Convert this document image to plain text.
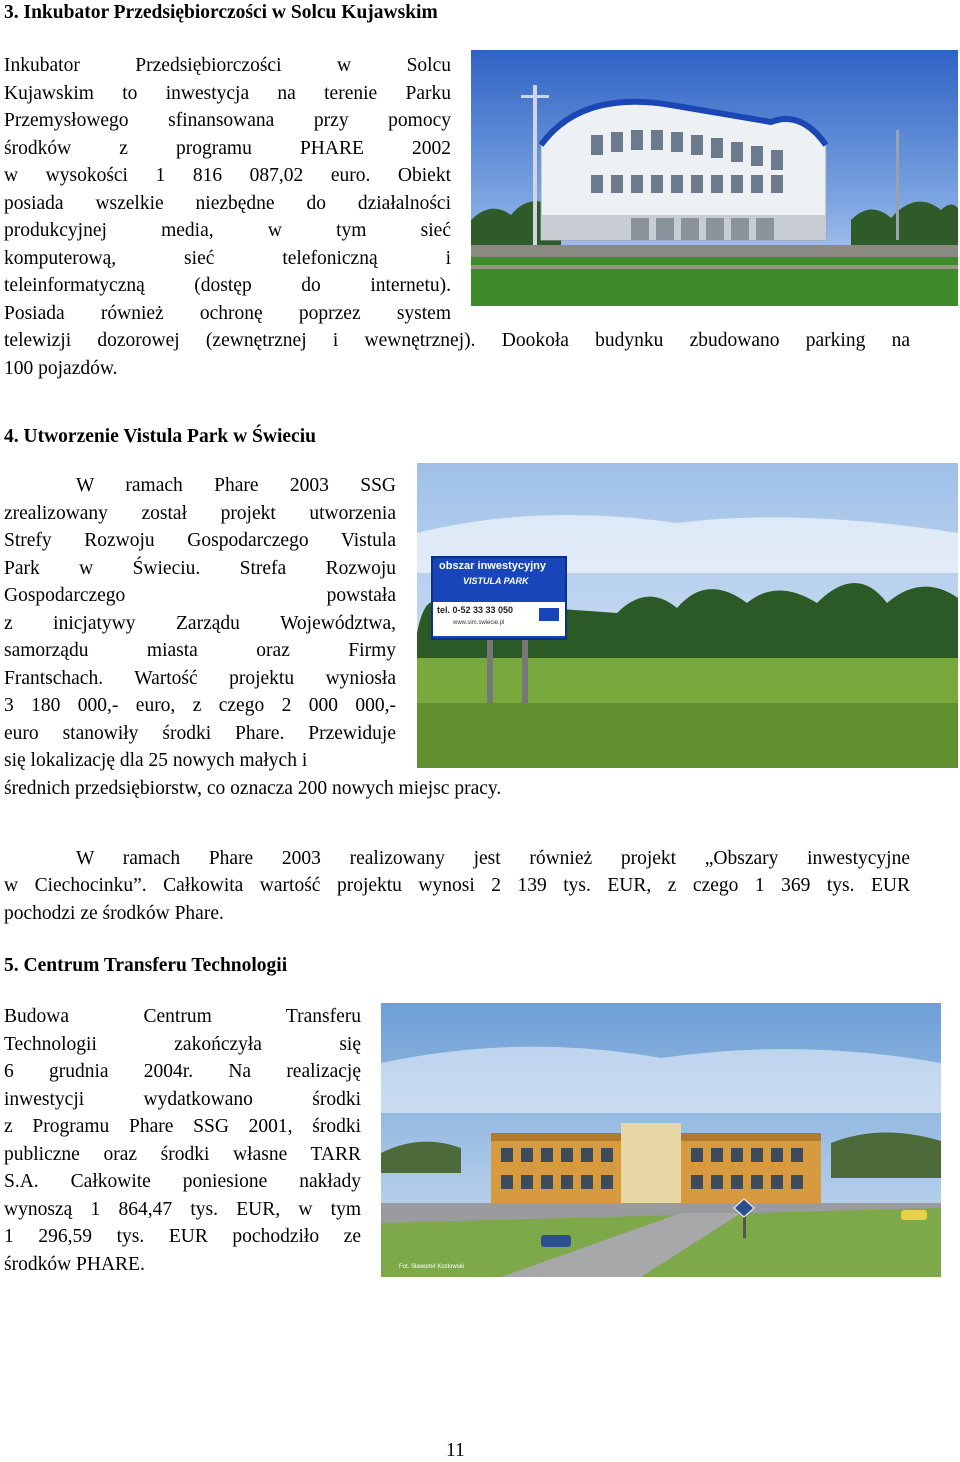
3. Inkubator Przedsiębiorczości w Solcu Kujawskim
Inkubator Przedsiębiorczości w Solcu
Kujawskim to inwestycja na terenie Parku
Przemysłowego sfinansowana przy pomocy
środków z programu PHARE 2002
w wysokości 1 816 087,02 euro. Obiekt
posiada wszelkie niezbędne do działalności
produkcyjnej media, w tym sieć
komputerową, sieć telefoniczną i
teleinformatyczną (dostęp do internetu).
Posiada również ochronę poprzez system
telewizji dozorowej (zewnętrznej i wewnętrznej). Dookoła budynku zbudowano parking na
100 pojazdów.
4. Utworzenie Vistula Park w Świeciu
W ramach Phare 2003 SSG
zrealizowany został projekt utworzenia
Strefy Rozwoju Gospodarczego Vistula
Park w Świeciu. Strefa Rozwoju
Gospodarczego powstała
z inicjatywy Zarządu Województwa,
samorządu miasta oraz Firmy
Frantschach. Wartość projektu wyniosła
3 180 000,- euro, z czego 2 000 000,-
euro stanowiły środki Phare. Przewiduje
się lokalizację dla 25 nowych małych i
średnich przedsiębiorstw, co oznacza 200 nowych miejsc pracy.
obszar inwestycyjny
VISTULA PARK
tel. 0-52 33 33 050
www.sim.swiecie.pl
W ramach Phare 2003 realizowany jest również projekt „Obszary inwestycyjne
w Ciechocinku”. Całkowita wartość projektu wynosi 2 139 tys. EUR, z czego 1 369 tys. EUR
pochodzi ze środków Phare.
5. Centrum Transferu Technologii
Budowa Centrum Transferu
Technologii zakończyła się
6 grudnia 2004r. Na realizację
inwestycji wydatkowano środki
z Programu Phare SSG 2001, środki
publiczne oraz środki własne TARR
S.A. Całkowite poniesione nakłady
wynoszą 1 864,47 tys. EUR, w tym
1 296,59 tys. EUR pochodziło ze
środków PHARE.	Fot. Sławomir Kozłowski
11
